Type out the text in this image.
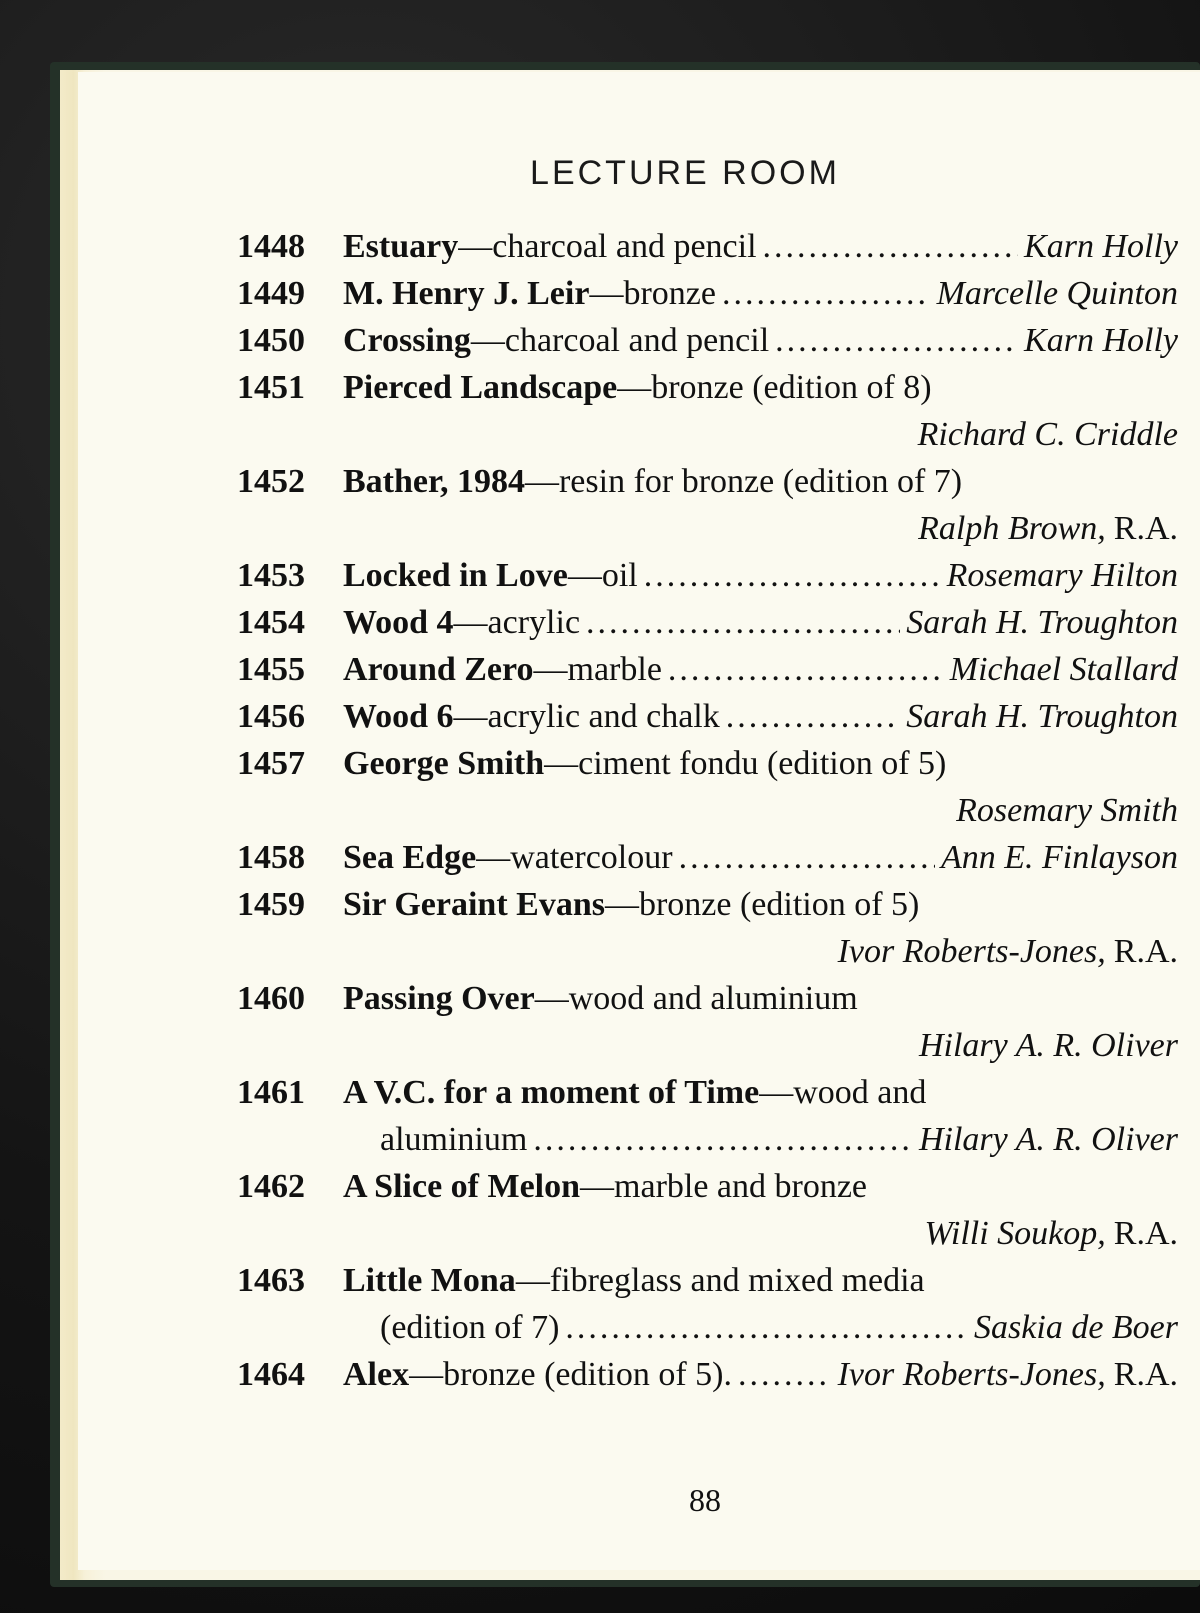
LECTURE ROOM
1448 Estuary —charcoal and pencil .....	Karn Holly
1449 M. Henry J. Leir —bronze .....	Marcelle Quinton
1450 Crossing —charcoal and pencil .....	Karn Holly
1451 Pierced Landscape —bronze (edition of 8)
Richard C. Criddle
1452 Bather, 1984 —resin for bronze (edition of 7)
Ralph Brown, R.A.
1453 Locked in Love —oil .....	Rosemary Hilton
1454 Wood 4 —acrylic .....	Sarah H. Troughton
1455 Around Zero —marble .....	Michael Stallard
1456 Wood 6 —acrylic and chalk .....	Sarah H. Troughton
1457 George Smith —ciment fondu (edition of 5)
Rosemary Smith
1458 Sea Edge —watercolour .....	Ann E. Finlayson
1459 Sir Geraint Evans —bronze (edition of 5)
Ivor Roberts-Jones, R.A.
1460 Passing Over —wood and aluminium
Hilary A. R. Oliver
1461 A V.C. for a moment of Time —wood and
aluminium .....	Hilary A. R. Oliver
1462 A Slice of Melon —marble and bronze
Willi Soukop, R.A.
1463 Little Mona —fibreglass and mixed media
(edition of 7) .....	Saskia de Boer
1464 Alex —bronze (edition of 5). .....	Ivor Roberts-Jones, R.A.
88
